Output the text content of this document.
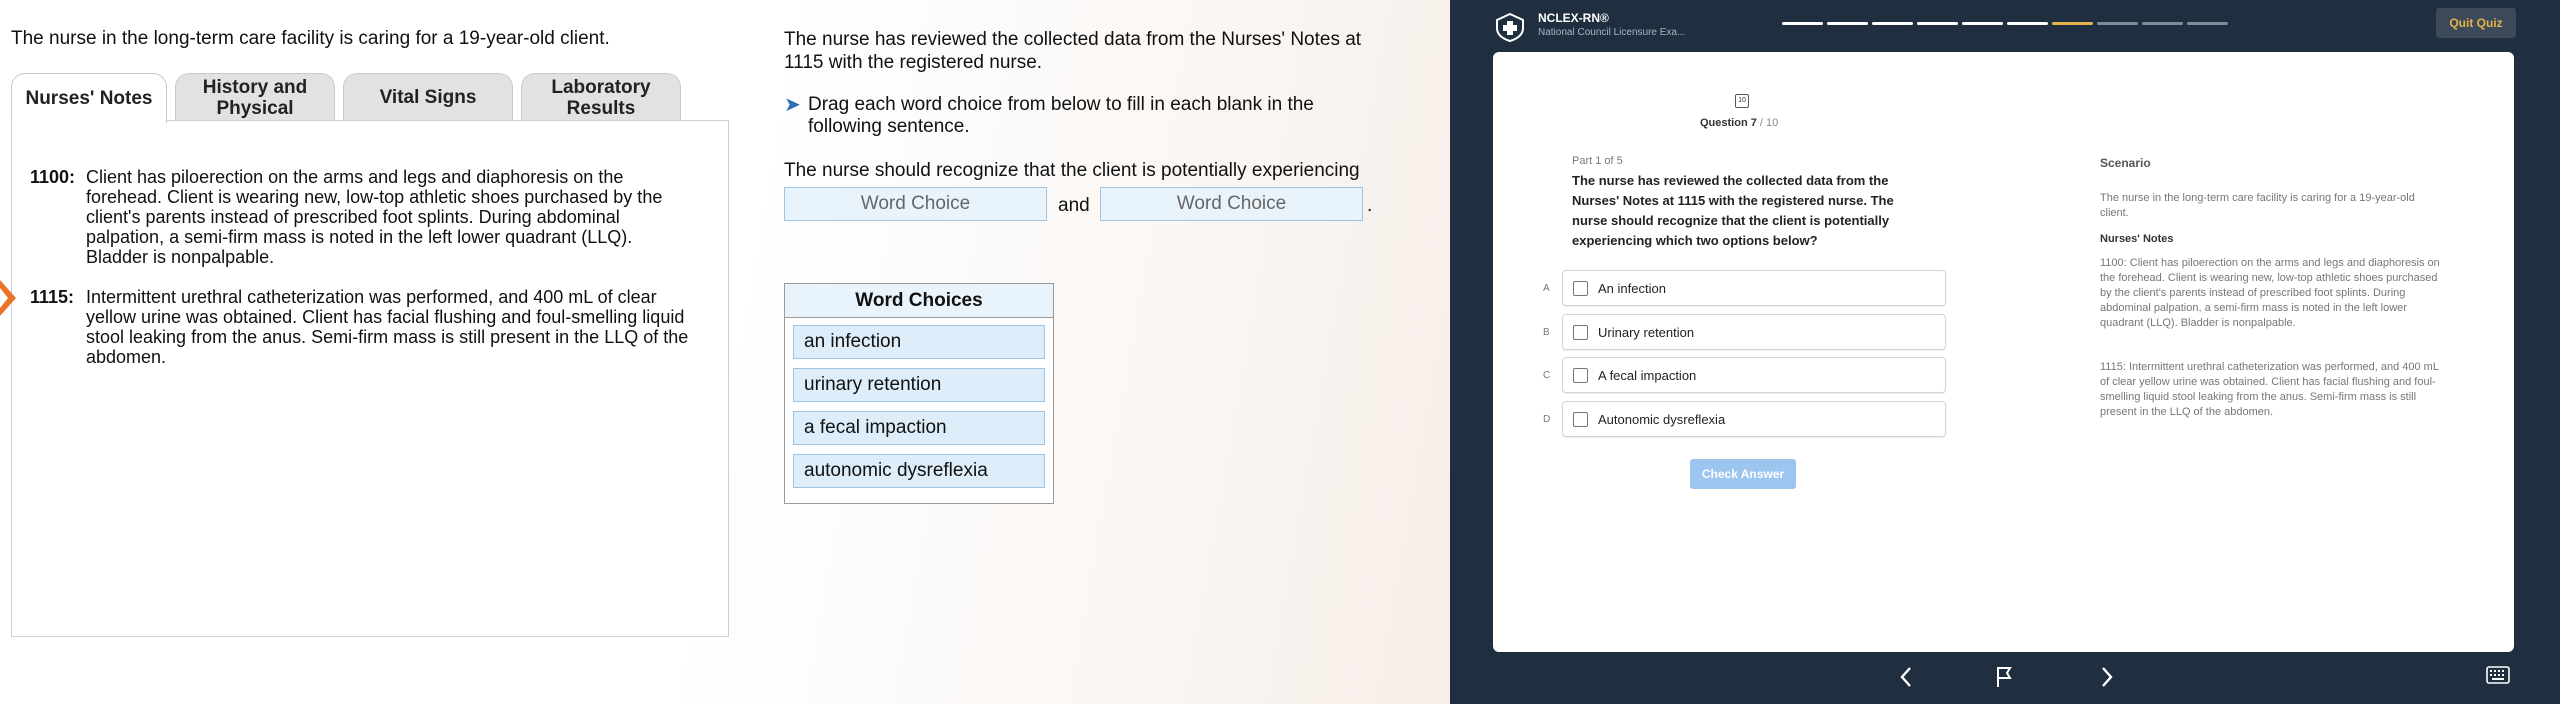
The nurse in the long-term care facility is caring for a 19-year-old client.
Nurses' Notes
History and Physical	Vital Signs	Laboratory Results
1100: Client has piloerection on the arms and legs and diaphoresis on the forehead. Client is wearing new, low-top athletic shoes purchased by the client's parents instead of prescribed foot splints. During abdominal palpation, a semi-firm mass is noted in the left lower quadrant (LLQ). Bladder is nonpalpable.
1115: Intermittent urethral catheterization was performed, and 400 mL of clear yellow urine was obtained. Client has facial flushing and foul-smelling liquid stool leaking from the anus. Semi-firm mass is still present in the LLQ of the abdomen.
The nurse has reviewed the collected data from the Nurses' Notes at 1115 with the registered nurse.
➤ Drag each word choice from below to fill in each blank in the following sentence.
The nurse should recognize that the client is potentially experiencing
Word Choice	and	Word Choice	.
Word Choices
an infection
urinary retention
a fecal impaction
autonomic dysreflexia
NCLEX-RN®
National Council Licensure Exa...
Quit Quiz
10
Question 7 / 10
Part 1 of 5
The nurse has reviewed the collected data from the Nurses' Notes at 1115 with the registered nurse. The nurse should recognize that the client is potentially experiencing which two options below?
A	An infection
B	Urinary retention
C	A fecal impaction
D	Autonomic dysreflexia
Check Answer
Scenario
The nurse in the long-term care facility is caring for a 19-year-old client.
Nurses' Notes
1100: Client has piloerection on the arms and legs and diaphoresis on the forehead. Client is wearing new, low-top athletic shoes purchased by the client's parents instead of prescribed foot splints. During abdominal palpation, a semi-firm mass is noted in the left lower quadrant (LLQ). Bladder is nonpalpable.
1115: Intermittent urethral catheterization was performed, and 400 mL of clear yellow urine was obtained. Client has facial flushing and foul-smelling liquid stool leaking from the anus. Semi-firm mass is still present in the LLQ of the abdomen.
